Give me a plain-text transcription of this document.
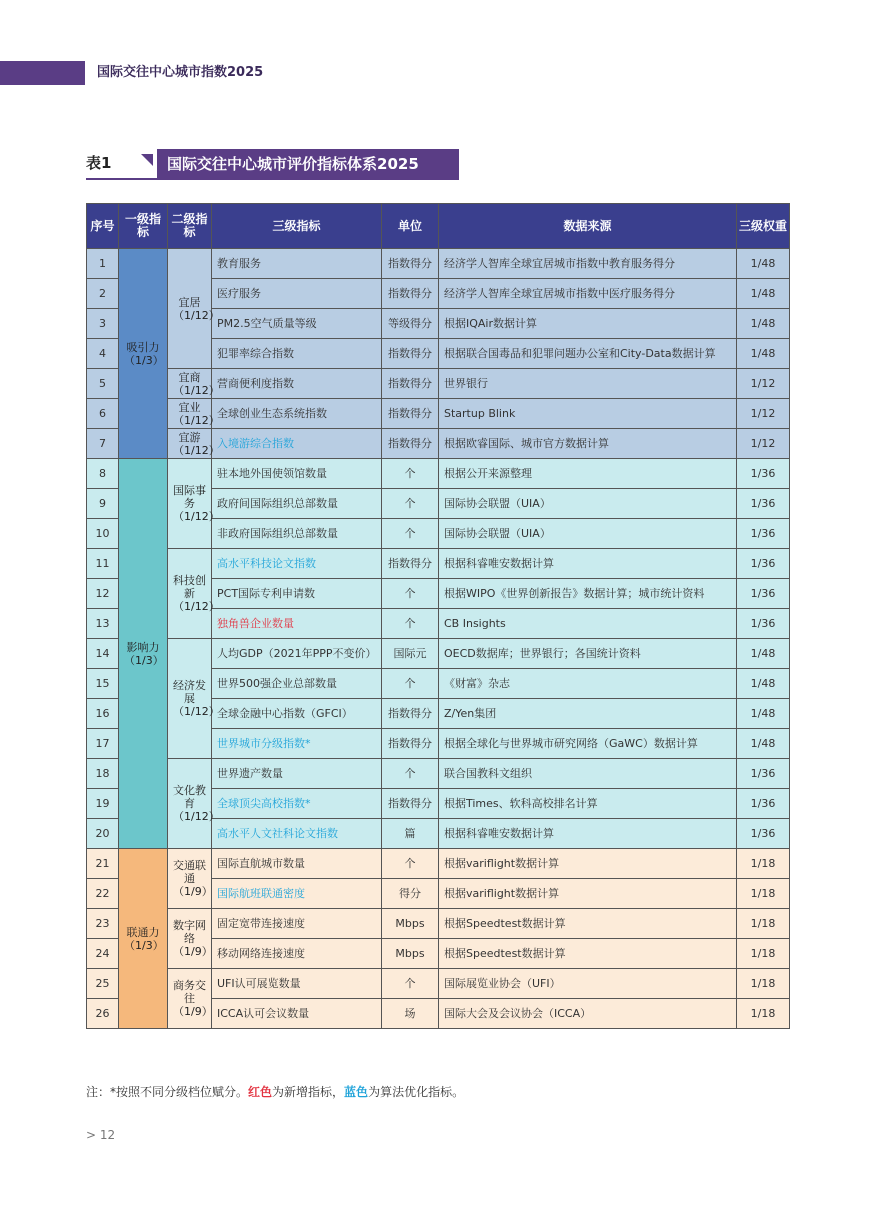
国际交往中心城市指数2025
表1	国际交往中心城市评价指标体系2025
序号	一级指标	二级指标	三级指标	单位	数据来源	三级权重
1	吸引力（1/3）	宜居（1/12）	教育服务	指数得分	经济学人智库全球宜居城市指数中教育服务得分	1/48
2			医疗服务	指数得分	经济学人智库全球宜居城市指数中医疗服务得分	1/48
3			PM2.5空气质量等级	等级得分	根据IQAir数据计算	1/48
4			犯罪率综合指数	指数得分	根据联合国毒品和犯罪问题办公室和City-Data数据计算	1/48
5		宜商（1/12）	营商便利度指数	指数得分	世界银行	1/12
6		宜业（1/12）	全球创业生态系统指数	指数得分	Startup Blink	1/12
7		宜游（1/12）	入境游综合指数	指数得分	根据欧睿国际、城市官方数据计算	1/12
8	影响力（1/3）	国际事务（1/12）	驻本地外国使领馆数量	个	根据公开来源整理	1/36
9			政府间国际组织总部数量	个	国际协会联盟（UIA）	1/36
10			非政府国际组织总部数量	个	国际协会联盟（UIA）	1/36
11		科技创新（1/12）	高水平科技论文指数	指数得分	根据科睿唯安数据计算	1/36
12			PCT国际专利申请数	个	根据WIPO《世界创新报告》数据计算；城市统计资料	1/36
13			独角兽企业数量	个	CB Insights	1/36
14		经济发展（1/12）	人均GDP（2021年PPP不变价）	国际元	OECD数据库；世界银行；各国统计资料	1/48
15			世界500强企业总部数量	个	《财富》杂志	1/48
16			全球金融中心指数（GFCI）	指数得分	Z/Yen集团	1/48
17			世界城市分级指数*	指数得分	根据全球化与世界城市研究网络（GaWC）数据计算	1/48
18		文化教育（1/12）	世界遗产数量	个	联合国教科文组织	1/36
19			全球顶尖高校指数*	指数得分	根据Times、软科高校排名计算	1/36
20			高水平人文社科论文指数	篇	根据科睿唯安数据计算	1/36
21	联通力（1/3）	交通联通（1/9）	国际直航城市数量	个	根据variflight数据计算	1/18
22			国际航班联通密度	得分	根据variflight数据计算	1/18
23		数字网络（1/9）	固定宽带连接速度	Mbps	根据Speedtest数据计算	1/18
24			移动网络连接速度	Mbps	根据Speedtest数据计算	1/18
25		商务交往（1/9）	UFI认可展览数量	个	国际展览业协会（UFI）	1/18
26			ICCA认可会议数量	场	国际大会及会议协会（ICCA）	1/18
注：*按照不同分级档位赋分。红色为新增指标，蓝色为算法优化指标。
> 12
